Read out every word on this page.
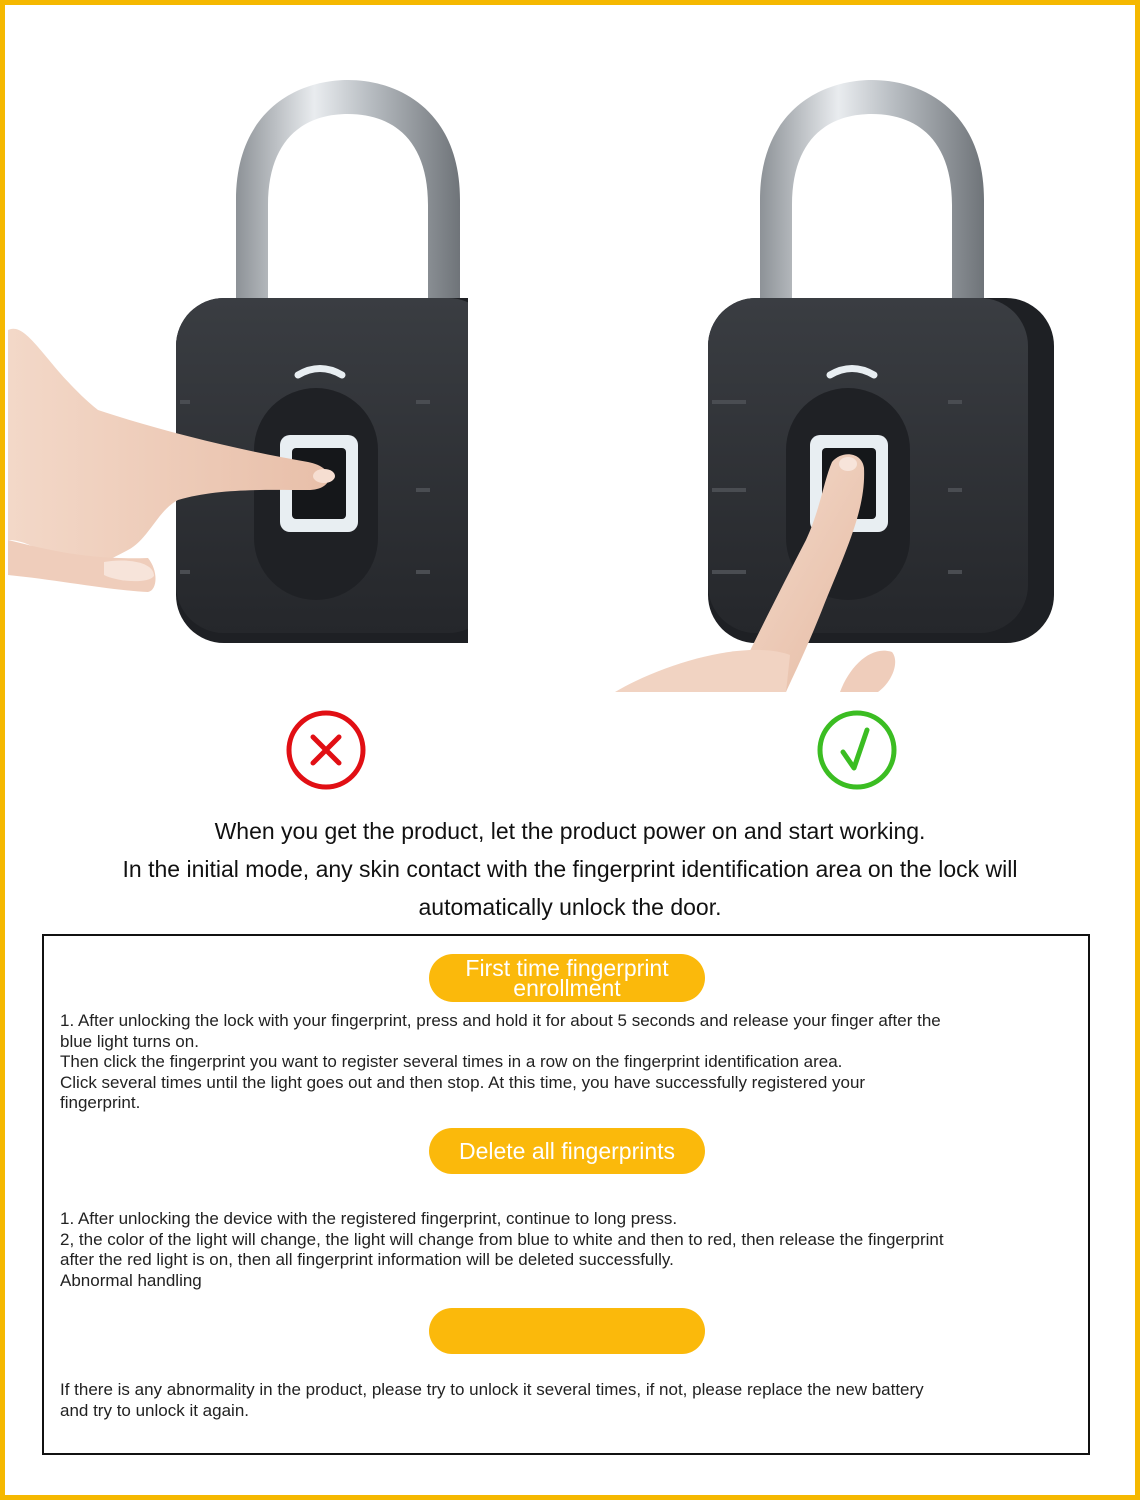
When you get the product, let the product power on and start working.
In the initial mode, any skin contact with the fingerprint identification area on the lock will
automatically unlock the door.
First time fingerprint
enrollment
1. After unlocking the lock with your fingerprint, press and hold it for about 5 seconds and release your finger after the
blue light turns on.
Then click the fingerprint you want to register several times in a row on the fingerprint identification area.
Click several times until the light goes out and then stop. At this time, you have successfully registered your
fingerprint.
Delete all fingerprints
1. After unlocking the device with the registered fingerprint, continue to long press.
2, the color of the light will change, the light will change from blue to white and then to red, then release the fingerprint
after the red light is on, then all fingerprint information will be deleted successfully.
Abnormal handling
If there is any abnormality in the product, please try to unlock it several times, if not, please replace the new battery
and try to unlock it again.
